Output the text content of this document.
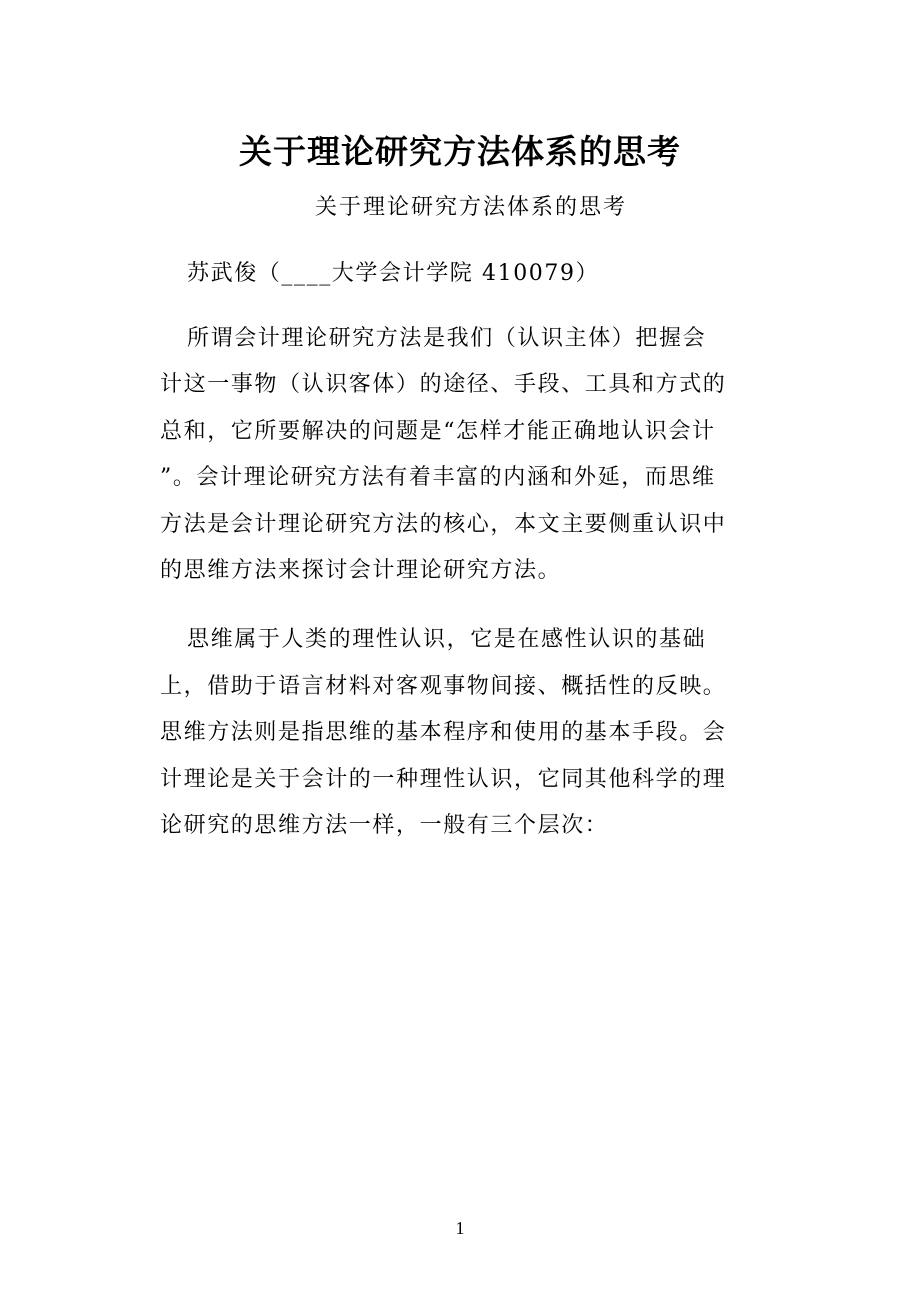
关于理论研究方法体系的思考
关于理论研究方法体系的思考
苏武俊（____大学会计学院 410079）
所谓会计理论研究方法是我们（认识主体）把握会
计这一事物（认识客体）的途径、手段、工具和方式的
总和，它所要解决的问题是“怎样才能正确地认识会计
”。会计理论研究方法有着丰富的内涵和外延，而思维
方法是会计理论研究方法的核心，本文主要侧重认识中
的思维方法来探讨会计理论研究方法。
思维属于人类的理性认识，它是在感性认识的基础
上，借助于语言材料对客观事物间接、概括性的反映。
思维方法则是指思维的基本程序和使用的基本手段。会
计理论是关于会计的一种理性认识，它同其他科学的理
论研究的思维方法一样，一般有三个层次：
1
